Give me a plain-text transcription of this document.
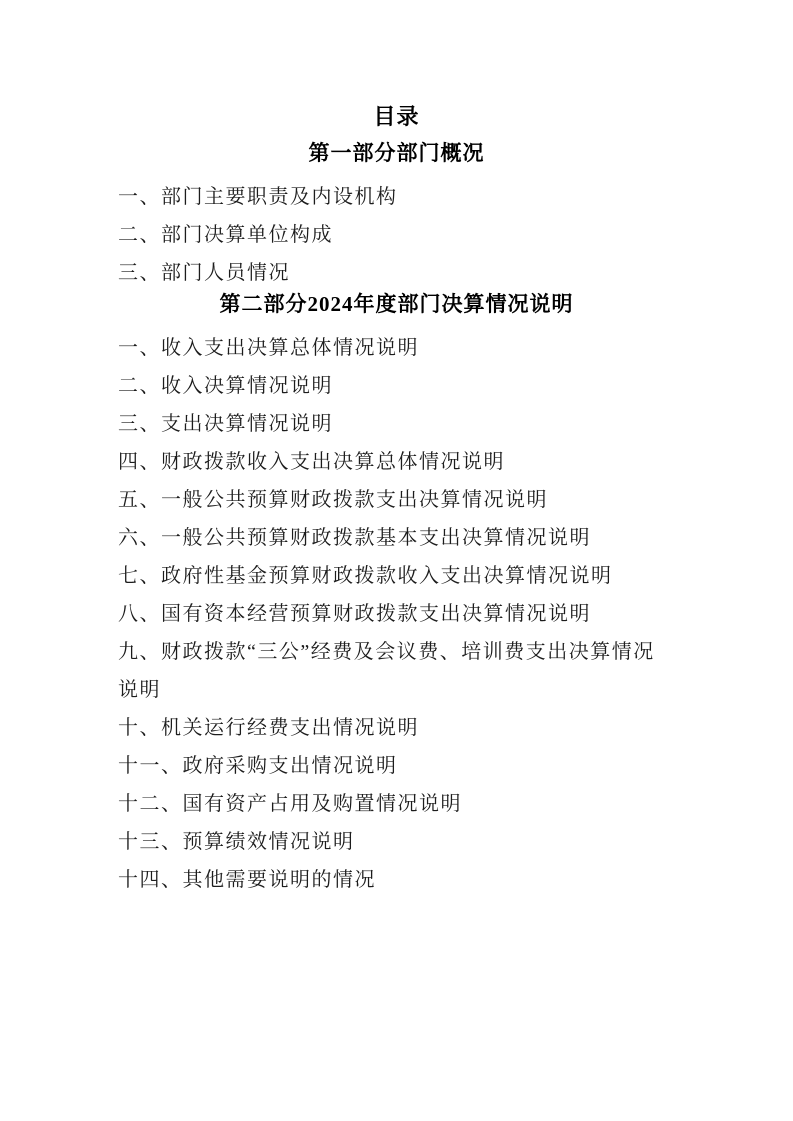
目录
第一部分部门概况
一、部门主要职责及内设机构
二、部门决算单位构成
三、部门人员情况
第二部分2024年度部门决算情况说明
一、收入支出决算总体情况说明
二、收入决算情况说明
三、支出决算情况说明
四、财政拨款收入支出决算总体情况说明
五、一般公共预算财政拨款支出决算情况说明
六、一般公共预算财政拨款基本支出决算情况说明
七、政府性基金预算财政拨款收入支出决算情况说明
八、国有资本经营预算财政拨款支出决算情况说明
九、财政拨款“三公”经费及会议费、培训费支出决算情况
说明
十、机关运行经费支出情况说明
十一、政府采购支出情况说明
十二、国有资产占用及购置情况说明
十三、预算绩效情况说明
十四、其他需要说明的情况
